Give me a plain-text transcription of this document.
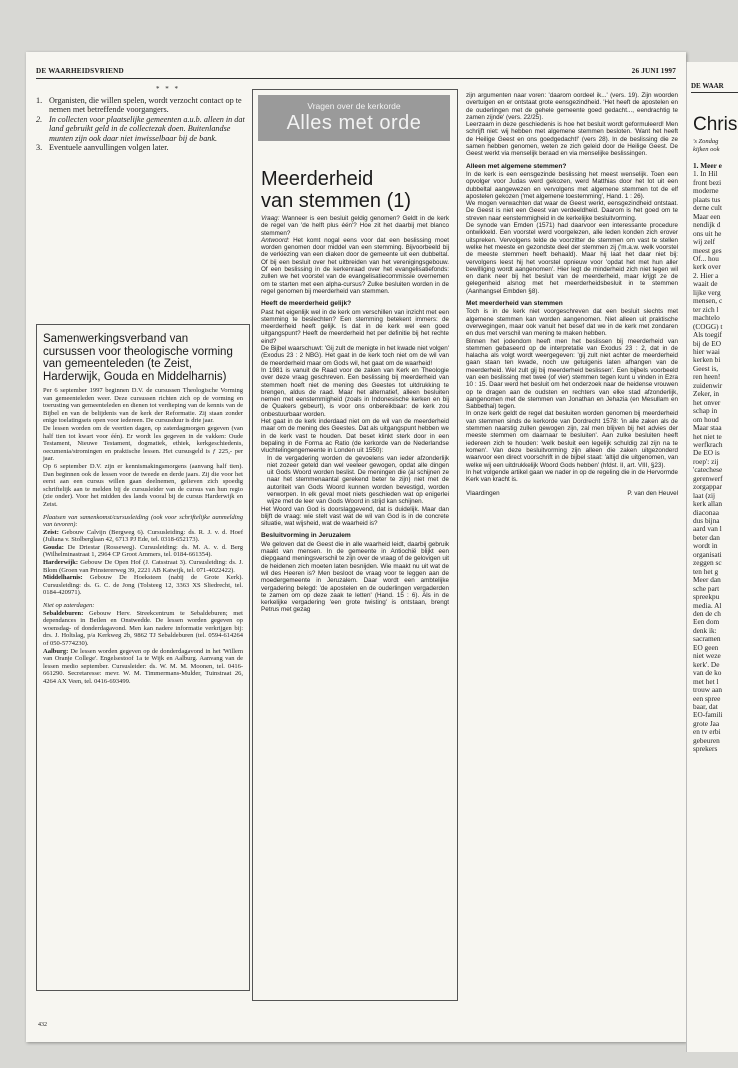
DE WAARHEIDSVRIEND	26 JUNI 1997
* * *
1. Organisten, die willen spelen, wordt verzocht contact op te nemen met betreffende voorgangers.
2. In collecten voor plaatselijke gemeenten a.u.b. alleen in dat land gebruikt geld in de collectezak doen. Buitenlandse munten zijn ook daar niet inwisselbaar bij de bank.
3. Eventuele aanvullingen volgen later.
Samenwerkingsverband van cursussen voor theologische vorming van gemeenteleden (te Zeist, Harderwijk, Gouda en Middelharnis)

Per 6 september 1997 beginnen D.V. de cursussen Theologische Vorming van gemeenteleden weer. Deze cursussen richten zich op de vorming en toerusting van gemeenteleden en dienen tot verdieping van de kennis van de Bijbel en van de belijdenis van de kerk der Reformatie. Zij staan zonder enige toelatingseis open voor iedereen. De cursusduur is drie jaar.

De lessen worden om de veertien dagen, op zaterdagmorgen gegeven (van half tien tot kwart voor één). Er wordt les gegeven in de vakken: Oude Testament, Nieuwe Testament, dogmatiek, ethiek, kerkgeschiedenis, oecumenia/stromingen en praktische lessen. Het cursusgeld is ƒ 225,- per jaar.

Op 6 september D.V. zijn er kennismakingsmorgens (aanvang half tien). Dan beginnen ook de lessen voor de tweede en derde jaars. Zij die voor het eerst aan een cursus willen gaan deelnemen, gelieven zich spoedig schriftelijk aan te melden bij de cursusleider van de cursus van hun regio (zie onder). Voor het midden des lands vooral bij de cursus Harderwijk en Zeist.

Plaatsen van samenkomst/cursusleiding (ook voor schriftelijke aanmelding van tevoren):

Zeist: Gebouw Calvijn (Bergweg 6). Cursusleiding: ds. R. J. v. d. Hoef (Juliana v. Stolberglaan 42, 6713 PJ Ede, tel. 0318-652173).

Gouda: De Driestar (Rosseweg). Cursusleiding: ds. M. A. v. d. Berg (Wilhelminastraat 1, 2964 CP Groot Ammers, tel. 0184-661354).

Harderwijk: Gebouw De Open Hof (J. Catsstraat 3). Cursusleiding: ds. J. Blom (Groen van Prinstererweg 39, 2221 AB Katwijk, tel. 071-4022422).

Middelharnis: Gebouw De Hoeksteen (nabij de Grote Kerk). Cursusleiding: ds. G. C. de Jong (Tolsteeg 12, 3363 XS Sliedrecht, tel. 0184-420971).

Niet op zaterdagen:

Sebaldeburen: Gebouw Herv. Streekcentrum te Sebaldeburen; met dependances in Beilen en Onstwedde. De lessen worden gegeven op woensdag- of donderdagavond. Men kan nadere informatie verkrijgen bij: drs. J. Holtslag, p/a Kerkweg 2b, 9862 TJ Sebaldeburen (tel. 0594-614264 of 050-5774230).

Aalburg: De lessen worden gegeven op de donderdagavond in het 'Willem van Oranje College'. Engelsestoof 1a te Wijk en Aalburg. Aanvang van de lessen medio september. Cursusleider: ds. W. M. M. Moonen, tel. 0416-661290. Secretaresse: mevr. W. M. Timmermans-Mulder, Tuinstraat 26, 4264 AX Veen, tel. 0416-693499.

432
Vragen over de kerkorde
Alles met orde
Meerderheid
van stemmen (1)

Vraag: Wanneer is een besluit geldig genomen? Geldt in de kerk de regel van 'de helft plus één'? Hoe zit het daarbij met blanco stemmen?

Antwoord: Het komt nogal eens voor dat een beslissing moet worden genomen door middel van een stemming. Bijvoorbeeld bij de verkiezing van een diaken door de gemeente uit een dubbeltal. Of bij een besluit over het uitbreiden van het verenigingsgebouw. Of een beslissing in de kerkenraad over het evangelisatiefonds: zullen we het voorstel van de evangelisatiecommissie overnemen om te starten met een alpha-cursus? Zulke besluiten worden in de regel genomen bij meerderheid van stemmen.

Heeft de meerderheid gelijk?

Past het eigenlijk wel in de kerk om verschillen van inzicht met een stemming te beslechten? Een stemming betekent immers: de meerderheid heeft gelijk. Is dat in de kerk wel een goed uitgangspunt? Heeft de meerderheid het per definitie bij het rechte eind?

De Bijbel waarschuwt: 'Gij zult de menigte in het kwade niet volgen' (Exodus 23 : 2 NBG). Het gaat in de kerk toch niet om de wil van de meerderheid maar om Gods wil, het gaat om de waarheid!

In 1981 is vanuit de Raad voor de zaken van Kerk en Theologie over deze vraag geschreven. Een beslissing bij meerderheid van stemmen hoeft niet de mening des Geestes tot uitdrukking te brengen, aldus de raad. Maar het alternatief, alleen besluiten nemen met eenstemmigheid (zoals in Indonesische kerken en bij de Quakers gebeurt), is voor ons onbereikbaar: de kerk zou onbestuurbaar worden.

Het gaat in de kerk inderdaad niet om de wil van de meerderheid maar om de mening des Geestes. Dat als uitgangspunt hebben we in de kerk vast te houden. Dat beset klinkt sterk door in een bepaling in de Forma ac Ratio (de kerkorde van de Nederlandse vluchtelingengemeente in Londen uit 1550):

In de vergadering worden de gevoelens van ieder afzonderlijk niet zozeer geteld dan wel veeleer gewogen, opdat alle dingen uit Gods Woord worden beslist. De meningen die (al schijnen ze naar het stemmenaantal gerekend beter te zijn) niet met de autoriteit van Gods Woord kunnen worden bevestigd, worden verworpen. In elk geval moet niets geschieden wat op enigerlei wijze met de leer van Gods Woord in strijd kan schijnen.

Het Woord van God is doorslaggevend, dat is duidelijk. Maar dan blijft de vraag: wie stelt vast wat de wil van God is in de concrete situatie, wat wijsheid, wat de waarheid is?

Besluitvorming in Jeruzalem

We geloven dat de Geest die in alle waarheid leidt, daarbij gebruik maakt van mensen. In de gemeente in Antiochië blijkt een diepgaand meningsverschil te zijn over de vraag of de gelovigen uit de heidenen zich moeten laten besnijden. Wie maakt nu uit wat de wil des Heeren is? Men besloot de vraag voor te leggen aan de moedergemeente in Jeruzalem. Daar wordt een ambtelijke vergadering belegd: 'de apostelen en de ouderlingen vergaderden te zamen om op deze zaak te letten' (Hand. 15 : 6). Als in de kerkelijke vergadering 'een grote twisting' is ontstaan, brengt Petrus met gezag

zijn argumenten naar voren: 'daarom oordeel ik...' (vers. 19). Zijn woorden overtuigen en er ontstaat grote eensgezindheid. 'Het heeft de apostelen en de ouderlingen met de gehele gemeente goed gedacht..., eendrachtig te zamen zijnde' (vers. 22/25).

Leerzaam in deze geschiedenis is hoe het besluit wordt geformuleerd! Men schrijft niet: wij hebben met algemene stemmen besloten. 'Want het heeft de Heilige Geest en ons goedgedacht!' (vers 28). In de beslissing die ze samen hebben genomen, weten ze zich geleid door de Heilige Geest. De Geest werkt via menselijk beraad en via menselijke beslissingen.

Alleen met algemene stemmen?

In de kerk is een eensgezinde beslissing het meest wenselijk. Toen een opvolger voor Judas werd gekozen, werd Matthias door het lot uit een dubbeltal aangewezen en vervolgens met algemene stemmen tot de elf apostelen gekozen ('met algemene toestemming', Hand. 1 : 26).

We mogen verwachten dat waar de Geest werkt, eensgezindheid ontstaat. De Geest is niet een Geest van verdeeldheid. Daarom is het goed om te streven naar eenstemmigheid in de kerkelijke besluitvorming.

De synode van Emden (1571) had daarvoor een interessante procedure ontwikkeld. Een voorstel werd voorgelezen, alle leden konden zich erover uitspreken. Vervolgens telde de voorzitter de stemmen om vast te stellen welke het meeste en gezondste deel der stemmen zij ('m.a.w. welk voorstel de meeste stemmen heeft behaald). Maar hij laat het daar niet bij: vervolgens leest hij het voorstel opnieuw voor 'opdat het met hun aller bewilliging wordt aangenomen'. Hier legt de minderheid zich niet tegen wil en dank neer bij het besluit van de meerderheid, maar krijgt ze de gelegenheid alsnog met het meerderheidsbesluit in te stemmen (Aanhangsel Embden §8).

Met meerderheid van stemmen

Toch is in de kerk niet voorgeschreven dat een besluit slechts met algemene stemmen kan worden aangenomen. Niet alleen uit praktische overwegingen, maar ook vanuit het besef dat we in de kerk met zondaren en dus met verschil van mening te maken hebben.

Binnen het jodendom heeft men het beslissen bij meerderheid van stemmen gebaseerd op de interpretatie van Exodus 23 : 2, dat in de halacha als volgt wordt weergegeven: 'gij zult niet achter de meerderheid gaan staan ten kwade, noch uw getuigenis laten afhangen van de meerderheid. Wel zult gij bij meerderheid beslissen'. Een bijbels voorbeeld van een beslissing met twee (of vier) stemmen tegen kunt u vinden in Ezra 10 : 15. Daar werd het besluit om het onderzoek naar de heidense vrouwen op te dragen aan de oudsten en rechters van elke stad afzonderlijk, aangenomen met de stemmen van Jonathan en Jehazia (en Mesullam en Sabbethai) tegen.

In onze kerk geldt de regel dat besluiten worden genomen bij meerderheid van stemmen sinds de kerkorde van Dordrecht 1578: 'in alle zaken als de stemmen naarstig zullen gewogen zijn, zal men blijven bij het advies der meeste stemmen om daarnaar te besluiten'. Aan zulke besluiten heeft iedereen zich te houden: 'welk besluit een legelijk schuldig zal zijn na te komen'. Van deze besluitvorming zijn alleen die zaken uitgezonderd waarvoor een direct voorschrift in de bijbel staat: 'altijd die uitgenomen, van welke wij een uitdrukkelijk Woord Gods hebben' (hfdst. II, art. VIII, §23).

In het volgende artikel gaan we nader in op de regeling die in de Hervormde Kerk van kracht is.

Vlaardingen	P. van den Heuvel
DE WAAR
Chris
's Zondag
kijken ook
1. Meer e
1. In Hil
front bezi
moderne
plaats tus
derne cult
Maar een
nendijk d
ons uit he
wij zelf
meest ges
Of... hou
kerk over
2. Hier a
waait de
lijke verg
mensen, c
ter zich l
machtelo
(COGG) t
Als toegif
bij de EO
hier waai
kerken bi
Geest is,
ren heen!
zuidenwir
Zeker, in
het onver
schap in
om houd
Maar staa
het niet te
werfkrach
De EO is
roep': zij
'catechese
gerenwerf
zorgappar
laat (zij
kerk allan
diaconaa
dus bijna
aard van l
beter dan
wordt in
organisati
zeggen sc
ten het g
Meer dan
sche part
spreekpu
media. Al
den de ch
Een dom
denk ik:
sacramen
EO geen
niet weze
kerk'. De
van de ko
met het l
trouw aan
een spree
baar, dat
EO-famili
grote Jaa
en tv erbi
gebeuren
sprekers
